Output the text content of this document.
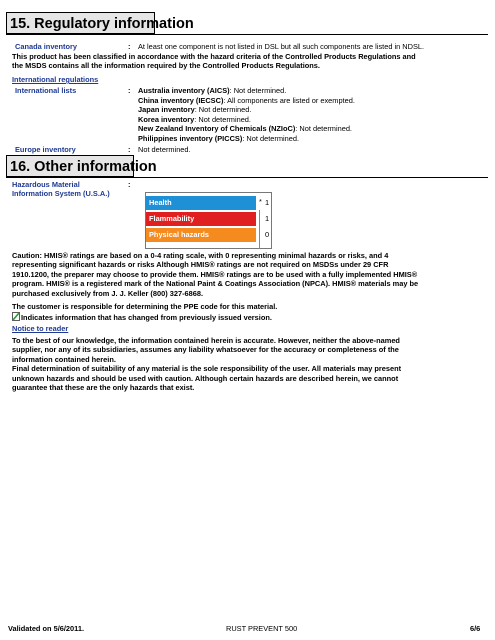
15. Regulatory information
Canada inventory	: At least one component is not listed in DSL but all such components are listed in NDSL.
This product has been classified in accordance with the hazard criteria of the Controlled Products Regulations and
the MSDS contains all the information required by the Controlled Products Regulations.
International regulations
International lists	: Australia inventory (AICS): Not determined.
China inventory (IECSC): All components are listed or exempted.
Japan inventory: Not determined.
Korea inventory: Not determined.
New Zealand Inventory of Chemicals (NZIoC): Not determined.
Philippines inventory (PICCS): Not determined.
Europe inventory	: Not determined.
16. Other information
Hazardous Material
Information System (U.S.A.)
:
Health	* 1
Flammability	1
Physical hazards	0
Caution: HMIS® ratings are based on a 0-4 rating scale, with 0 representing minimal hazards or risks, and 4
representing significant hazards or risks Although HMIS® ratings are not required on MSDSs under 29 CFR
1910.1200, the preparer may choose to provide them. HMIS® ratings are to be used with a fully implemented HMIS®
program. HMIS® is a registered mark of the National Paint & Coatings Association (NPCA). HMIS® materials may be
purchased exclusively from J. J. Keller (800) 327-6868.
The customer is responsible for determining the PPE code for this material.
Indicates information that has changed from previously issued version.
Notice to reader
To the best of our knowledge, the information contained herein is accurate. However, neither the above-named
supplier, nor any of its subsidiaries, assumes any liability whatsoever for the accuracy or completeness of the
information contained herein.
Final determination of suitability of any material is the sole responsibility of the user. All materials may present
unknown hazards and should be used with caution. Although certain hazards are described herein, we cannot
guarantee that these are the only hazards that exist.
Validated on 5/6/2011.	RUST PREVENT 500	6/6
